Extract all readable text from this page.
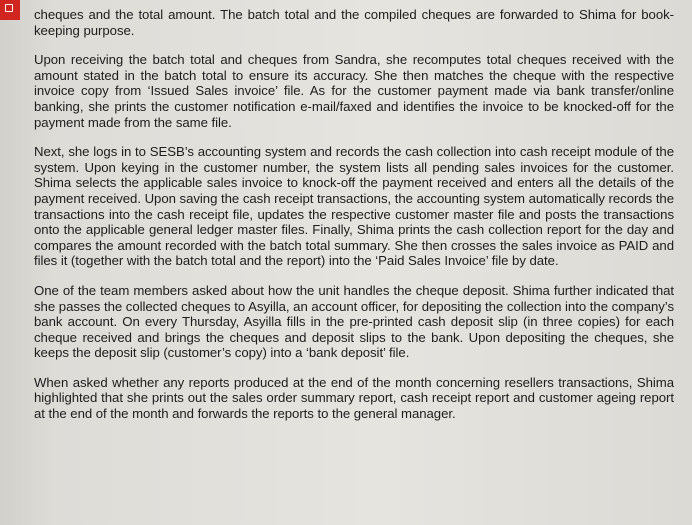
cheques and the total amount. The batch total and the compiled cheques are forwarded to Shima for book-keeping purpose.

Upon receiving the batch total and cheques from Sandra, she recomputes total cheques received with the amount stated in the batch total to ensure its accuracy. She then matches the cheque with the respective invoice copy from ‘Issued Sales invoice’ file. As for the customer payment made via bank transfer/online banking, she prints the customer notification e-mail/faxed and identifies the invoice to be knocked-off for the payment made from the same file.

Next, she logs in to SESB’s accounting system and records the cash collection into cash receipt module of the system. Upon keying in the customer number, the system lists all pending sales invoices for the customer. Shima selects the applicable sales invoice to knock-off the payment received and enters all the details of the payment received. Upon saving the cash receipt transactions, the accounting system automatically records the transactions into the cash receipt file, updates the respective customer master file and posts the transactions onto the applicable general ledger master files. Finally, Shima prints the cash collection report for the day and compares the amount recorded with the batch total summary. She then crosses the sales invoice as PAID and files it (together with the batch total and the report) into the ‘Paid Sales Invoice’ file by date.

One of the team members asked about how the unit handles the cheque deposit. Shima further indicated that she passes the collected cheques to Asyilla, an account officer, for depositing the collection into the company’s bank account. On every Thursday, Asyilla fills in the pre-printed cash deposit slip (in three copies) for each cheque received and brings the cheques and deposit slips to the bank. Upon depositing the cheques, she keeps the deposit slip (customer’s copy) into a ‘bank deposit’ file.

When asked whether any reports produced at the end of the month concerning resellers transactions, Shima highlighted that she prints out the sales order summary report, cash receipt report and customer ageing report at the end of the month and forwards the reports to the general manager.
